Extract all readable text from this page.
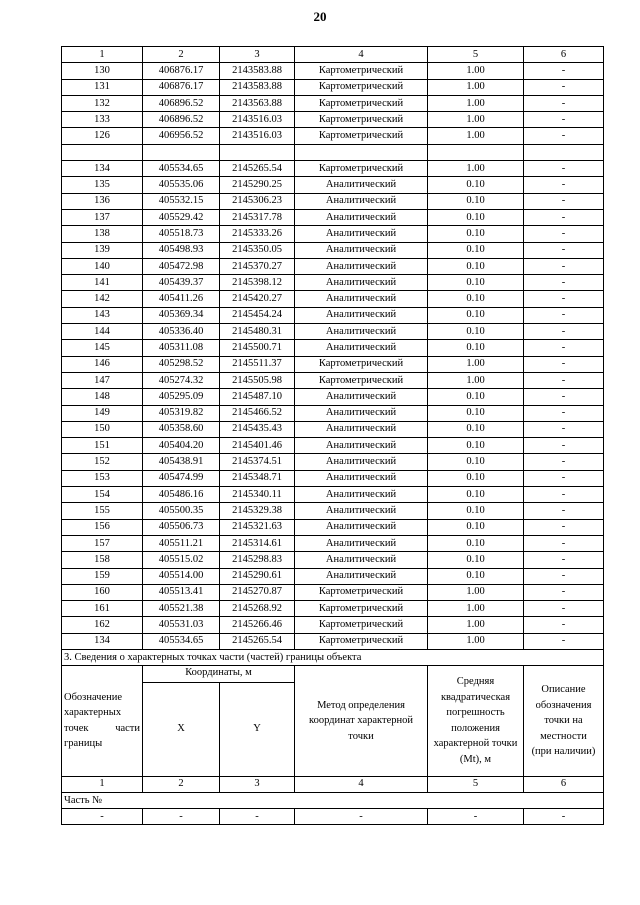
20
1	2	3	4	5	6
130	406876.17	2143583.88	Картометрический	1.00	-
131	406876.17	2143583.88	Картометрический	1.00	-
132	406896.52	2143563.88	Картометрический	1.00	-
133	406896.52	2143516.03	Картометрический	1.00	-
126	406956.52	2143516.03	Картометрический	1.00	-

134	405534.65	2145265.54	Картометрический	1.00	-
135	405535.06	2145290.25	Аналитический	0.10	-
136	405532.15	2145306.23	Аналитический	0.10	-
137	405529.42	2145317.78	Аналитический	0.10	-
138	405518.73	2145333.26	Аналитический	0.10	-
139	405498.93	2145350.05	Аналитический	0.10	-
140	405472.98	2145370.27	Аналитический	0.10	-
141	405439.37	2145398.12	Аналитический	0.10	-
142	405411.26	2145420.27	Аналитический	0.10	-
143	405369.34	2145454.24	Аналитический	0.10	-
144	405336.40	2145480.31	Аналитический	0.10	-
145	405311.08	2145500.71	Аналитический	0.10	-
146	405298.52	2145511.37	Картометрический	1.00	-
147	405274.32	2145505.98	Картометрический	1.00	-
148	405295.09	2145487.10	Аналитический	0.10	-
149	405319.82	2145466.52	Аналитический	0.10	-
150	405358.60	2145435.43	Аналитический	0.10	-
151	405404.20	2145401.46	Аналитический	0.10	-
152	405438.91	2145374.51	Аналитический	0.10	-
153	405474.99	2145348.71	Аналитический	0.10	-
154	405486.16	2145340.11	Аналитический	0.10	-
155	405500.35	2145329.38	Аналитический	0.10	-
156	405506.73	2145321.63	Аналитический	0.10	-
157	405511.21	2145314.61	Аналитический	0.10	-
158	405515.02	2145298.83	Аналитический	0.10	-
159	405514.00	2145290.61	Аналитический	0.10	-
160	405513.41	2145270.87	Картометрический	1.00	-
161	405521.38	2145268.92	Картометрический	1.00	-
162	405531.03	2145266.46	Картометрический	1.00	-
134	405534.65	2145265.54	Картометрический	1.00	-
3. Сведения о характерных точках части (частей) границы объекта					
Обозначение характерных точек части границы	Координаты, м		Метод определения координат характерной точки	Средняя квадратическая погрешность положения характерной точки (Mt), м	Описание обозначения точки на местности (при наличии)
	X	Y			
1	2	3	4	5	6
Часть №					
-	-	-	-	-	-
